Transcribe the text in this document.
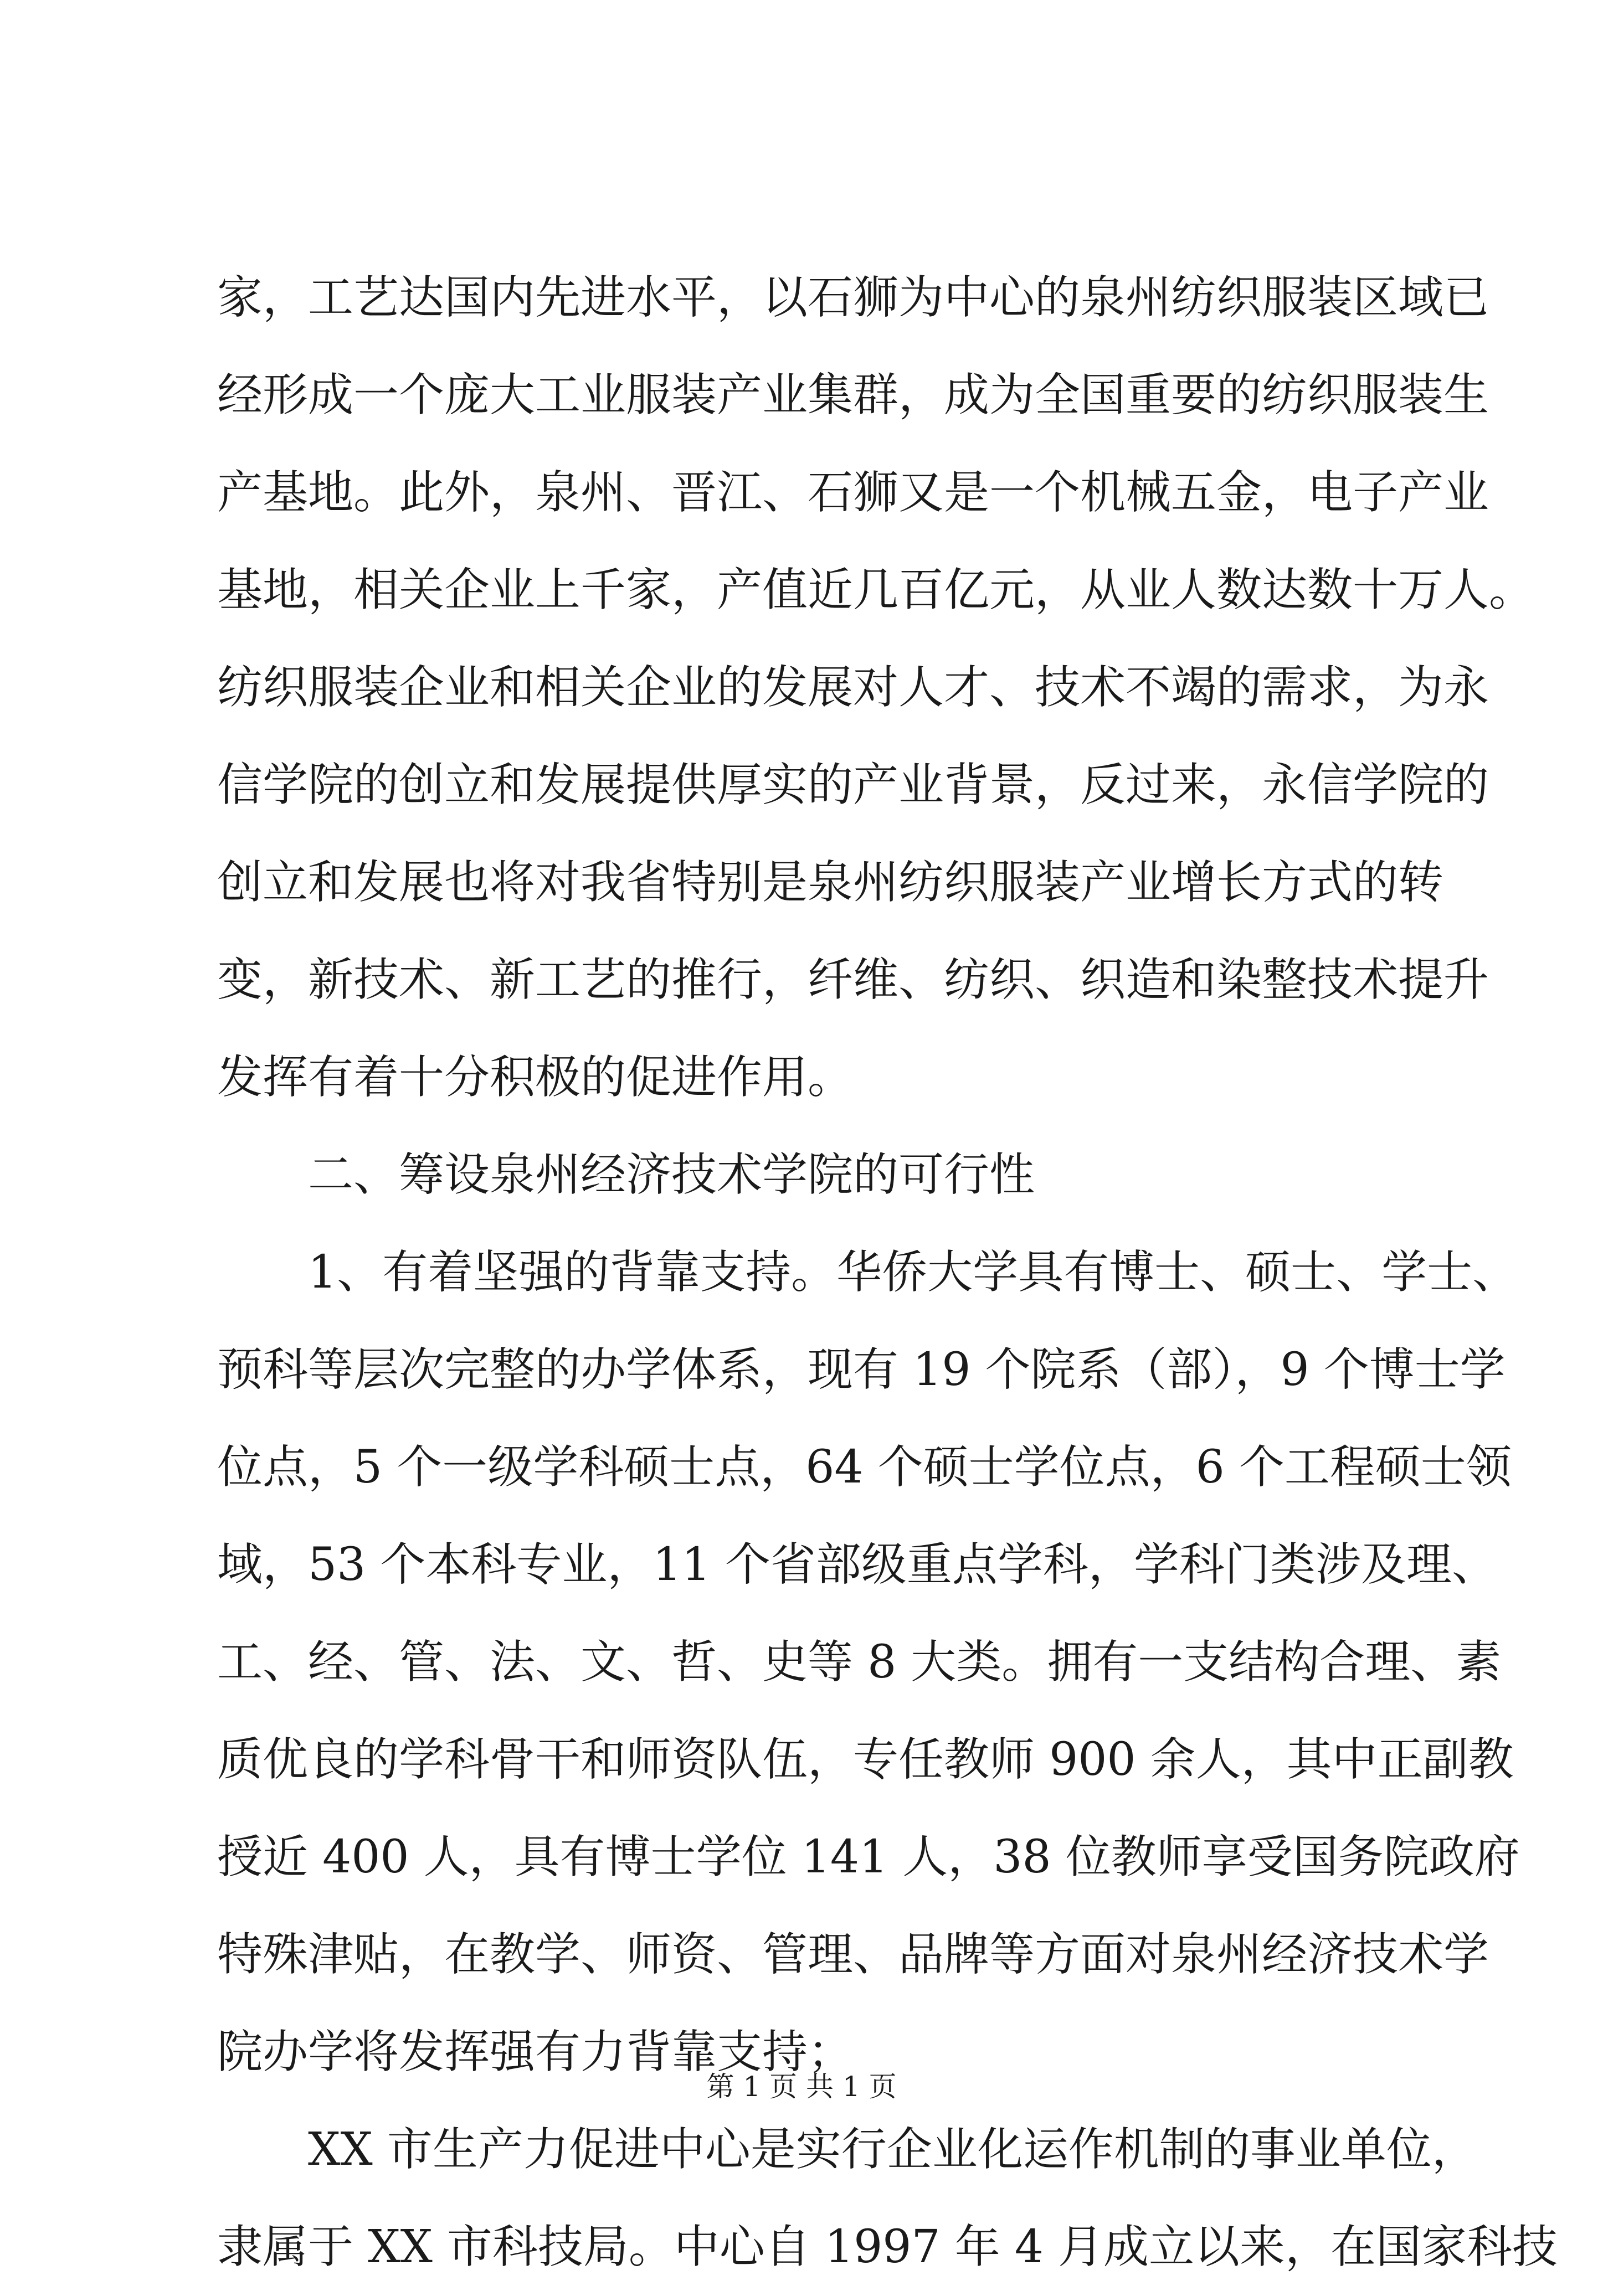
家，工艺达国内先进水平，以石狮为中心的泉州纺织服装区域已
经形成一个庞大工业服装产业集群，成为全国重要的纺织服装生
产基地。此外，泉州、晋江、石狮又是一个机械五金，电子产业
基地，相关企业上千家，产值近几百亿元，从业人数达数十万人。
纺织服装企业和相关企业的发展对人才、技术不竭的需求，为永
信学院的创立和发展提供厚实的产业背景，反过来，永信学院的
创立和发展也将对我省特别是泉州纺织服装产业增长方式的转
变，新技术、新工艺的推行，纤维、纺织、织造和染整技术提升
发挥有着十分积极的促进作用。
二、筹设泉州经济技术学院的可行性
1、有着坚强的背靠支持。华侨大学具有博士、硕士、学士、
预科等层次完整的办学体系，现有 19 个院系（部），9 个博士学
位点，5 个一级学科硕士点，64 个硕士学位点，6 个工程硕士领
域，53 个本科专业，11 个省部级重点学科，学科门类涉及理、
工、经、管、法、文、哲、史等 8 大类。拥有一支结构合理、素
质优良的学科骨干和师资队伍，专任教师 900 余人，其中正副教
授近 400 人，具有博士学位 141 人，38 位教师享受国务院政府
特殊津贴，在教学、师资、管理、品牌等方面对泉州经济技术学
院办学将发挥强有力背靠支持；
XX 市生产力促进中心是实行企业化运作机制的事业单位，
隶属于 XX 市科技局。中心自 1997 年 4 月成立以来，在国家科技
第 1 页 共 1 页
